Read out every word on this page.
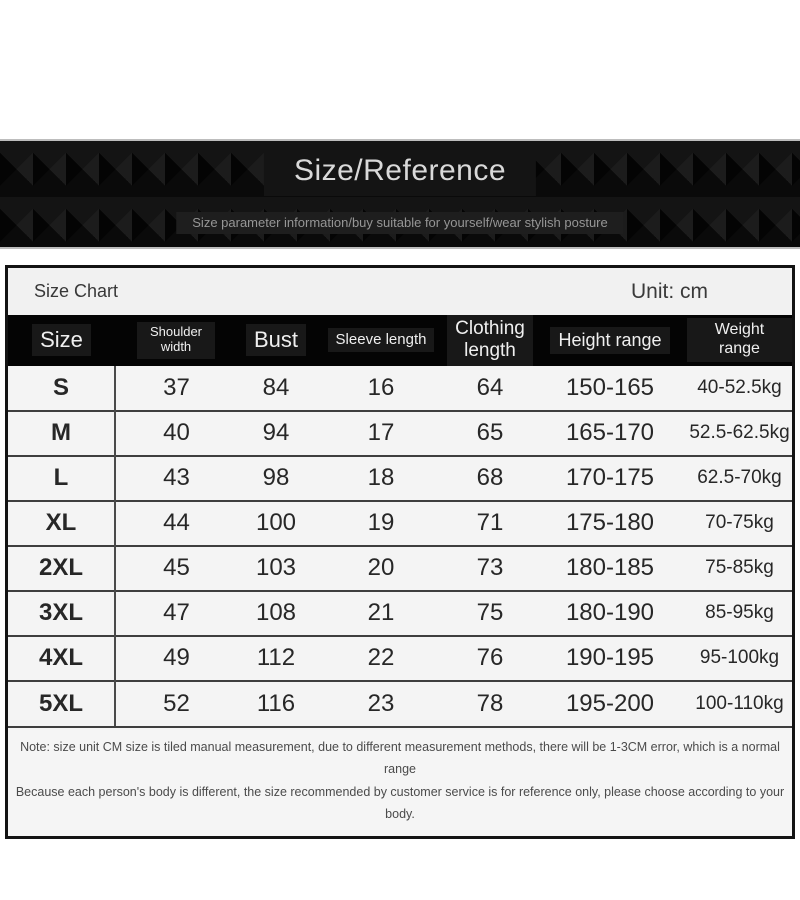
Size/Reference
Size parameter information/buy suitable for yourself/wear stylish posture
Size Chart	Unit: cm
Size	Shoulder width	Bust	Sleeve length	Clothing length	Height range	Weight range
S	37	84	16	64	150-165	40-52.5kg
M	40	94	17	65	165-170	52.5-62.5kg
L	43	98	18	68	170-175	62.5-70kg
XL	44	100	19	71	175-180	70-75kg
2XL	45	103	20	73	180-185	75-85kg
3XL	47	108	21	75	180-190	85-95kg
4XL	49	112	22	76	190-195	95-100kg
5XL	52	116	23	78	195-200	100-110kg
Note: size unit CM size is tiled manual measurement, due to different measurement methods, there will be 1-3CM error, which is a normal range
Because each person's body is different, the size recommended by customer service is for reference only, please choose according to your body.
